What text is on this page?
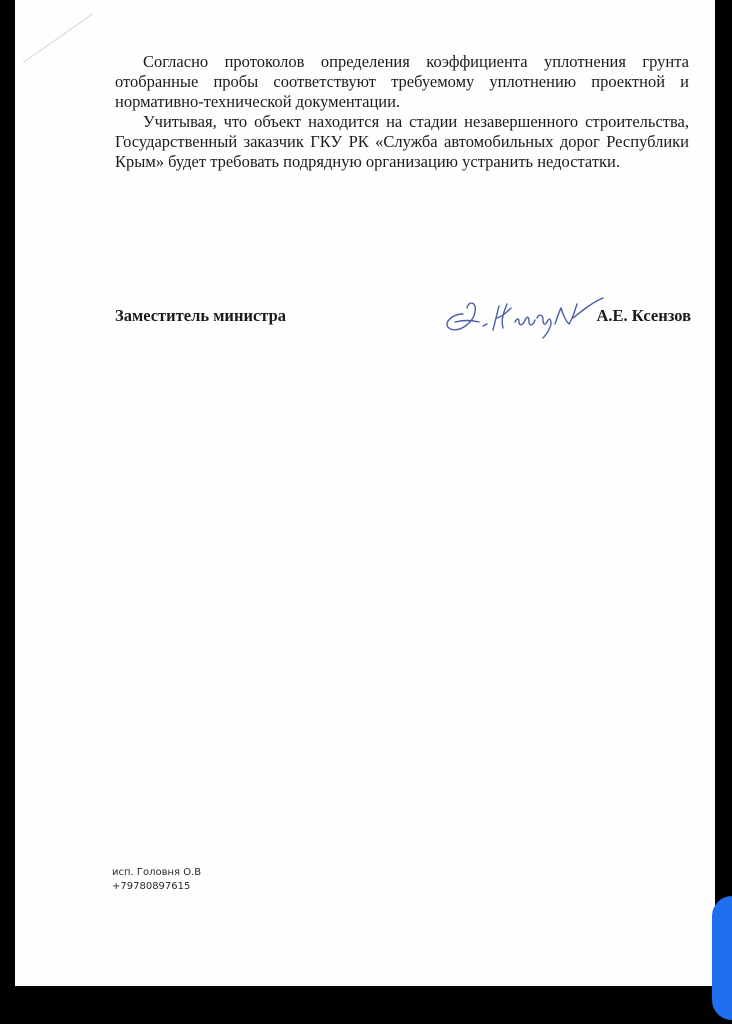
Согласно протоколов определения коэффициента уплотнения грунта отобранные пробы соответствуют требуемому уплотнению проектной и нормативно-технической документации.

Учитывая, что объект находится на стадии незавершенного строительства, Государственный заказчик ГКУ РК «Служба автомобильных дорог Республики Крым» будет требовать подрядную организацию устранить недостатки.

Заместитель министра	А.Е. Ксензов
исп. Головня О.В
+79780897615
